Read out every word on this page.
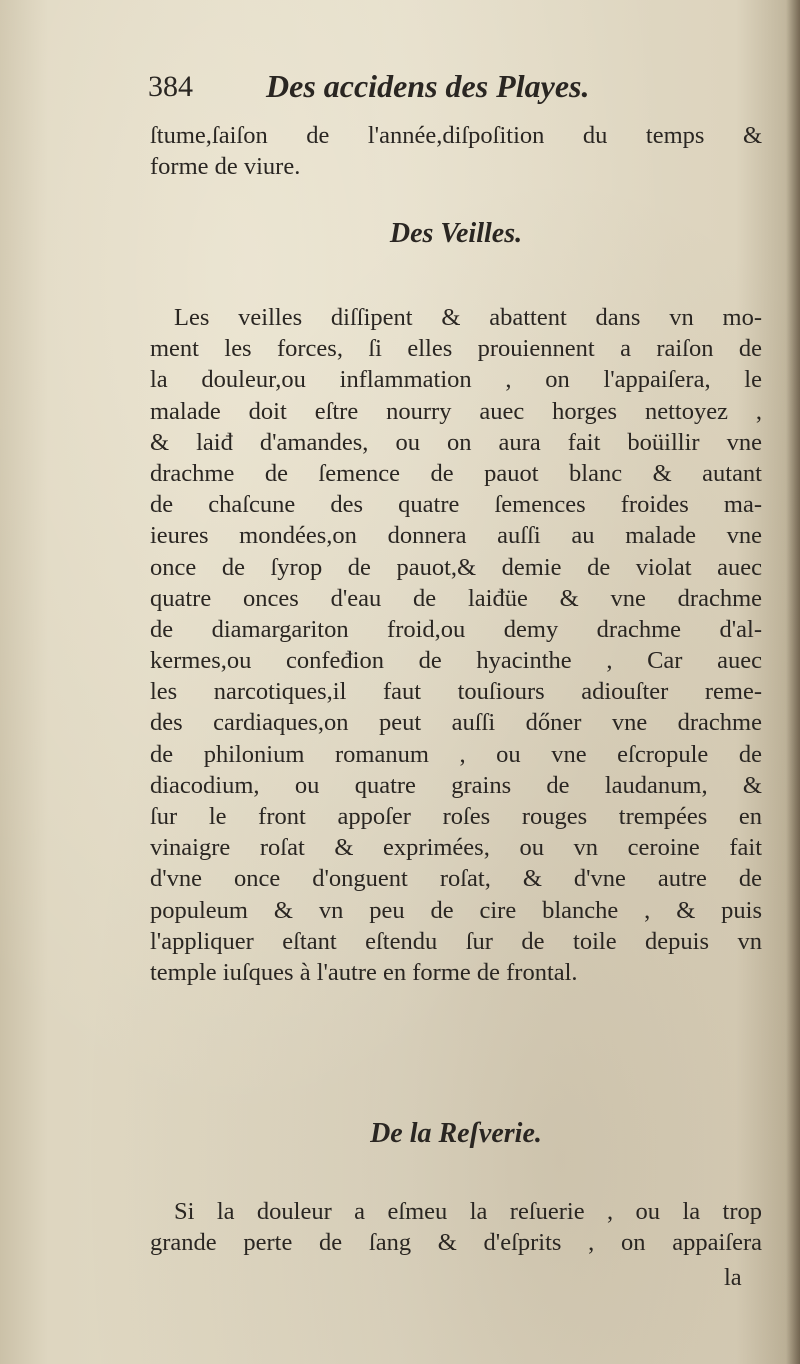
384 Des accidens des Playes.
ſtume,ſaiſon de l'année,diſpoſition du temps &
forme de viure.
Des Veilles.
Les veilles diſſipent & abattent dans vn mo-
ment les forces, ſi elles prouiennent a raiſon de
la douleur,ou inflammation , on l'appaiſera, le
malade doit eſtre nourry auec horges nettoyez ,
& laiđ d'amandes, ou on aura fait boüillir vne
drachme de ſemence de pauot blanc & autant
de chaſcune des quatre ſemences froides ma-
ieures mondées,on donnera auſſi au malade vne
once de ſyrop de pauot,& demie de violat auec
quatre onces d'eau de laiđüe & vne drachme
de diamargariton froid,ou demy drachme d'al-
kermes,ou confeđion de hyacinthe , Car auec
les narcotiques,il faut touſiours adiouſter reme-
des cardiaques,on peut auſſi dőner vne drachme
de philonium romanum , ou vne eſcropule de
diacodium, ou quatre grains de laudanum, &
ſur le front appoſer roſes rouges trempées en
vinaigre roſat & exprimées, ou vn ceroine fait
d'vne once d'onguent roſat, & d'vne autre de
populeum & vn peu de cire blanche , & puis
l'appliquer eſtant eſtendu ſur de toile depuis vn
temple iuſques à l'autre en forme de frontal.
De la Reſverie.
Si la douleur a eſmeu la reſuerie , ou la trop
grande perte de ſang & d'eſprits , on appaiſera
la
